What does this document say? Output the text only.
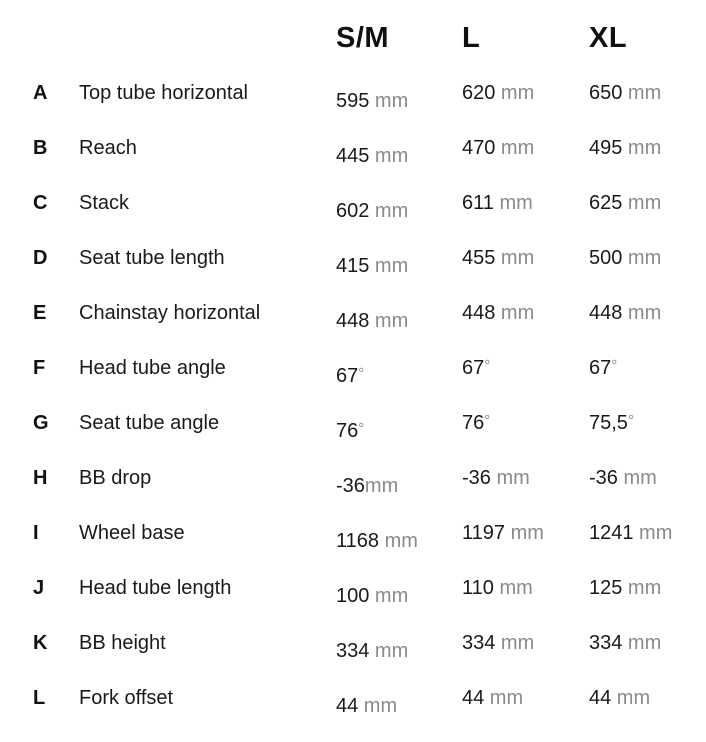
S/M	L	XL
A Top tube horizontal	595 mm	620 mm	650 mm
B Reach	445 mm	470 mm	495 mm
C Stack	602 mm	611 mm	625 mm
D Seat tube length	415 mm	455 mm	500 mm
E Chainstay horizontal	448 mm	448 mm	448 mm
F Head tube angle	67°	67°	67°
G Seat tube angle	76°	76°	75,5°
H BB drop	-36mm	-36 mm	-36 mm
I Wheel base	1168 mm 1197 mm 1241 mm
J Head tube length	100 mm	110 mm	125 mm
K BB height	334 mm	334 mm	334 mm
L Fork offset	44 mm	44 mm	44 mm
